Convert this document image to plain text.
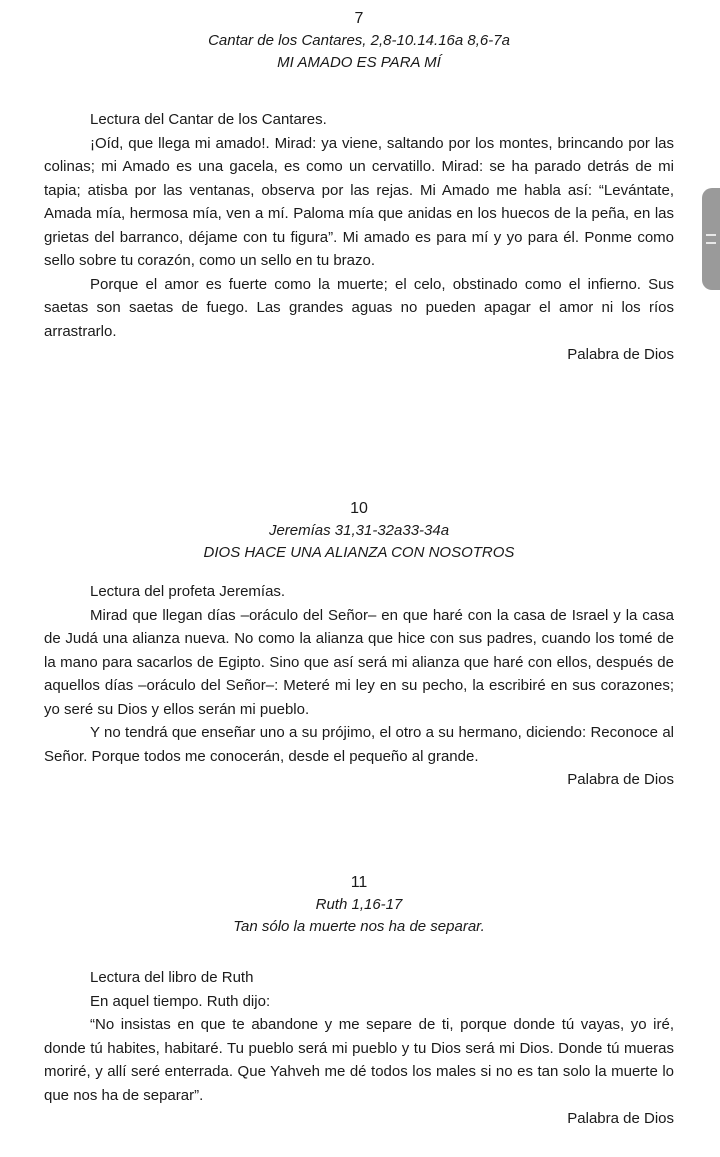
7

Cantar de los Cantares, 2,8-10.14.16a 8,6-7a

MI AMADO ES PARA MÍ

Lectura del Cantar de los Cantares.

¡Oíd, que llega mi amado!. Mirad: ya viene, saltando por los montes, brincando por las colinas; mi Amado es una gacela, es como un cervatillo. Mirad: se ha parado detrás de mi tapia; atisba por las ventanas, observa por las rejas. Mi Amado me habla así: “Levántate, Amada mía, hermosa mía, ven a mí. Paloma mía que anidas en los huecos de la peña, en las grietas del barranco, déjame con tu figura”. Mi amado es para mí y yo para él. Ponme como sello sobre tu corazón, como un sello en tu brazo.

Porque el amor es fuerte como la muerte; el celo, obstinado como el infierno. Sus saetas son saetas de fuego. Las grandes aguas no pueden apagar el amor ni los ríos arrastrarlo.

Palabra de Dios

10

Jeremías 31,31-32a33-34a

DIOS HACE UNA ALIANZA CON NOSOTROS

Lectura del profeta Jeremías.

Mirad que llegan días –oráculo del Señor– en que haré con la casa de Israel y la casa de Judá una alianza nueva. No como la alianza que hice con sus padres, cuando los tomé de la mano para sacarlos de Egipto. Sino que así será mi alianza que haré con ellos, después de aquellos días –oráculo del Señor–: Meteré mi ley en su pecho, la escribiré en sus corazones; yo seré su Dios y ellos serán mi pueblo.

Y no tendrá que enseñar uno a su prójimo, el otro a su hermano, diciendo: Reconoce al Señor. Porque todos me conocerán, desde el pequeño al grande.

Palabra de Dios

11

Ruth 1,16-17

Tan sólo la muerte nos ha de separar.

Lectura del libro de Ruth

En aquel tiempo. Ruth dijo:

“No insistas en que te abandone y me separe de ti, porque donde tú vayas, yo iré, donde tú habites, habitaré. Tu pueblo será mi pueblo y tu Dios será mi Dios. Donde tú mueras moriré, y allí seré enterrada. Que Yahveh me dé todos los males si no es tan solo la muerte lo que nos ha de separar”.

Palabra de Dios
